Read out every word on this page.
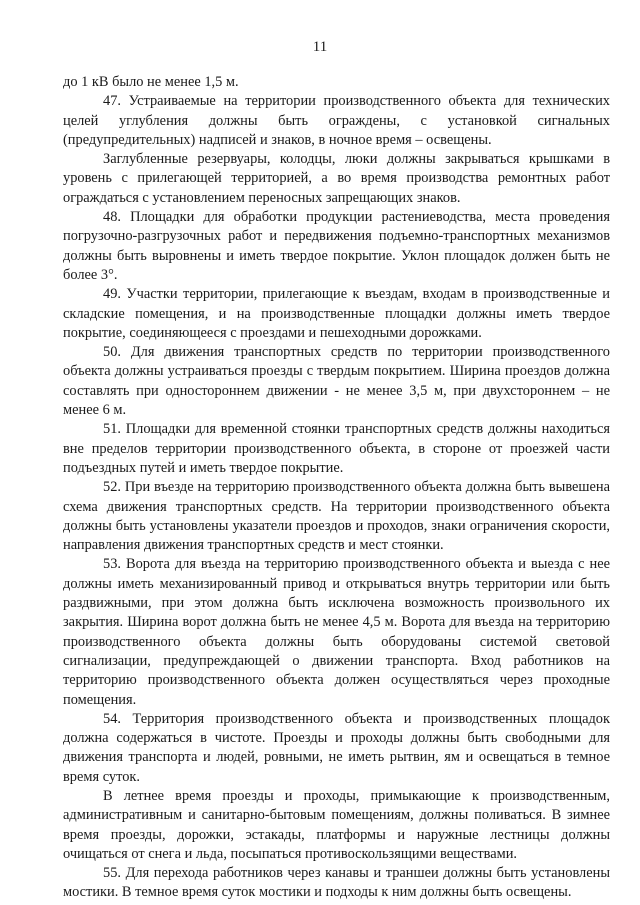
11

до 1 кВ было не менее 1,5 м.

47. Устраиваемые на территории производственного объекта для технических целей углубления должны быть ограждены, с установкой сигнальных (предупредительных) надписей и знаков, в ночное время – освещены.

Заглубленные резервуары, колодцы, люки должны закрываться крышками в уровень с прилегающей территорией, а во время производства ремонтных работ ограждаться с установлением переносных запрещающих знаков.

48. Площадки для обработки продукции растениеводства, места проведения погрузочно-разгрузочных работ и передвижения подъемно-транспортных механизмов должны быть выровнены и иметь твердое покрытие. Уклон площадок должен быть не более 3°.

49. Участки территории, прилегающие к въездам, входам в производственные и складские помещения, и на производственные площадки должны иметь твердое покрытие, соединяющееся с проездами и пешеходными дорожками.

50. Для движения транспортных средств по территории производственного объекта должны устраиваться проезды с твердым покрытием. Ширина проездов должна составлять при одностороннем движении - не менее 3,5 м, при двухстороннем – не менее 6 м.

51. Площадки для временной стоянки транспортных средств должны находиться вне пределов территории производственного объекта, в стороне от проезжей части подъездных путей и иметь твердое покрытие.

52. При въезде на территорию производственного объекта должна быть вывешена схема движения транспортных средств. На территории производственного объекта должны быть установлены указатели проездов и проходов, знаки ограничения скорости, направления движения транспортных средств и мест стоянки.

53. Ворота для въезда на территорию производственного объекта и выезда с нее должны иметь механизированный привод и открываться внутрь территории или быть раздвижными, при этом должна быть исключена возможность произвольного их закрытия. Ширина ворот должна быть не менее 4,5 м. Ворота для въезда на территорию производственного объекта должны быть оборудованы системой световой сигнализации, предупреждающей о движении транспорта. Вход работников на территорию производственного объекта должен осуществляться через проходные помещения.

54. Территория производственного объекта и производственных площадок должна содержаться в чистоте. Проезды и проходы должны быть свободными для движения транспорта и людей, ровными, не иметь рытвин, ям и освещаться в темное время суток.

В летнее время проезды и проходы, примыкающие к производственным, административным и санитарно-бытовым помещениям, должны поливаться. В зимнее время проезды, дорожки, эстакады, платформы и наружные лестницы должны очищаться от снега и льда, посыпаться противоскользящими веществами.

55. Для перехода работников через канавы и траншеи должны быть установлены мостики. В темное время суток мостики и подходы к ним должны быть освещены.
